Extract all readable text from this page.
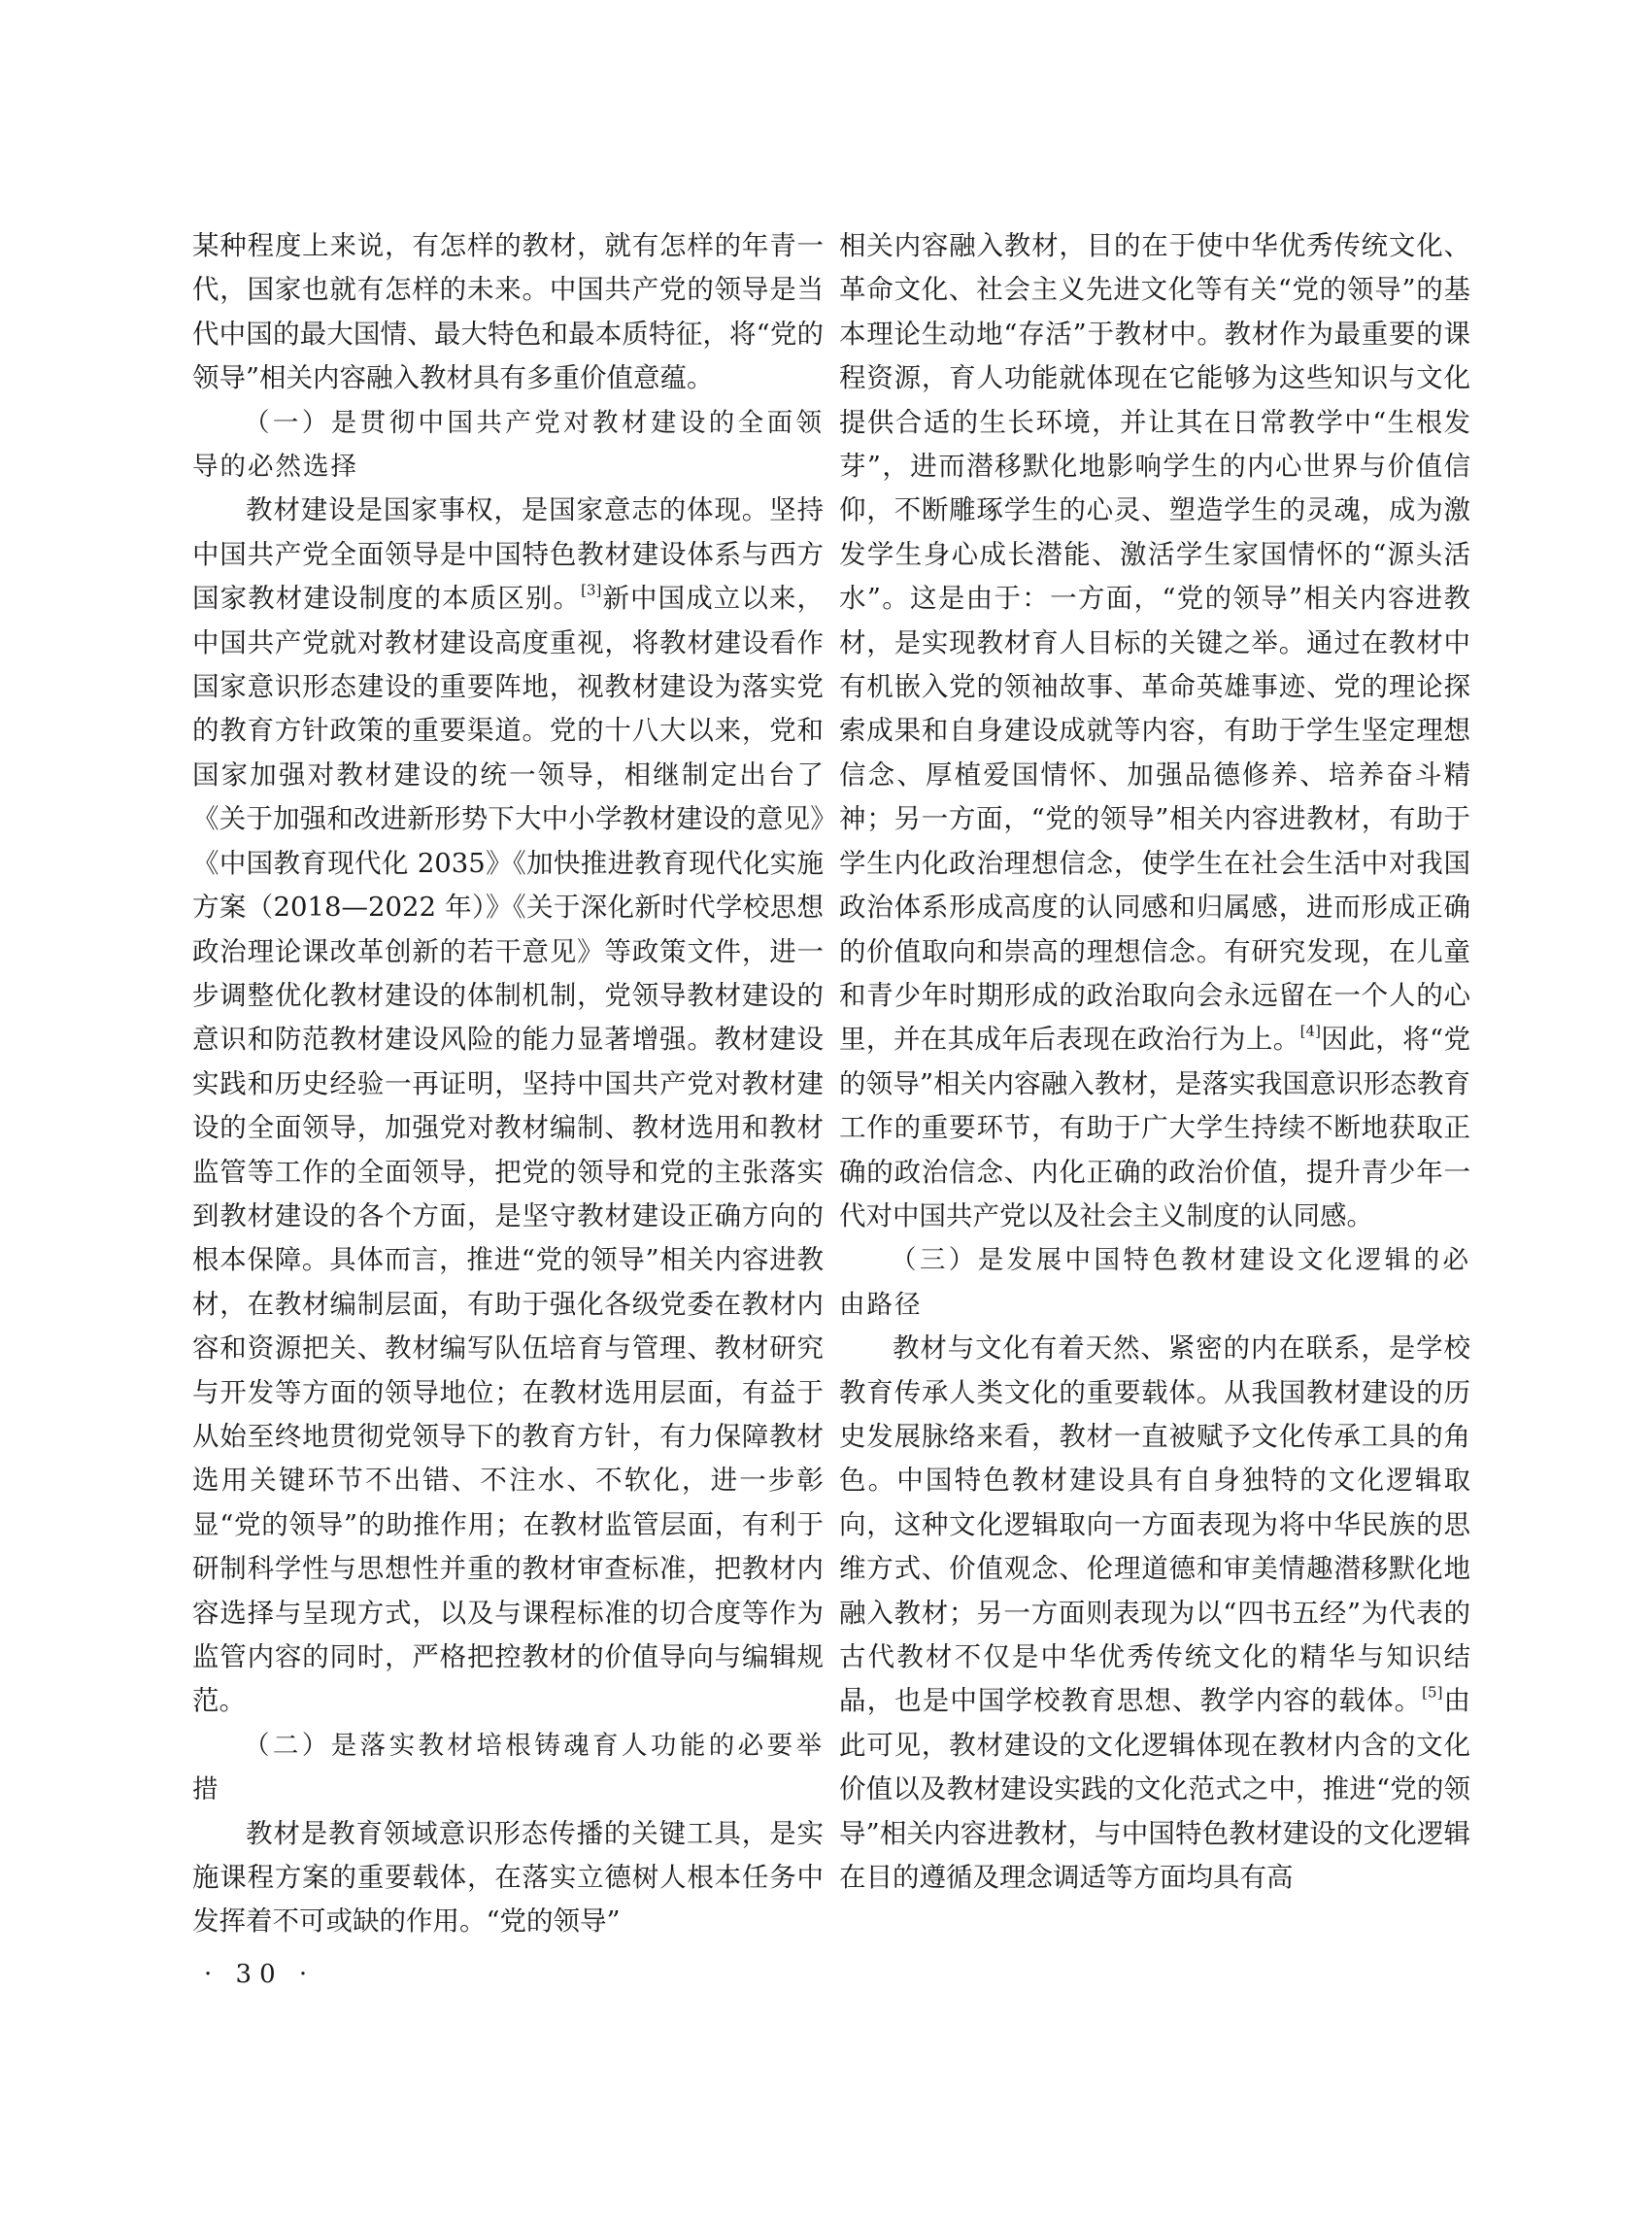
某种程度上来说，有怎样的教材，就有怎样的年青一代，国家也就有怎样的未来。中国共产党的领导是当代中国的最大国情、最大特色和最本质特征，将“党的领导”相关内容融入教材具有多重价值意蕴。

（一）是贯彻中国共产党对教材建设的全面领导的必然选择

教材建设是国家事权，是国家意志的体现。坚持中国共产党全面领导是中国特色教材建设体系与西方国家教材建设制度的本质区别。[3]新中国成立以来，中国共产党就对教材建设高度重视，将教材建设看作国家意识形态建设的重要阵地，视教材建设为落实党的教育方针政策的重要渠道。党的十八大以来，党和国家加强对教材建设的统一领导，相继制定出台了《关于加强和改进新形势下大中小学教材建设的意见》《中国教育现代化 2035》《加快推进教育现代化实施方案（2018—2022 年）》《关于深化新时代学校思想政治理论课改革创新的若干意见》等政策文件，进一步调整优化教材建设的体制机制，党领导教材建设的意识和防范教材建设风险的能力显著增强。教材建设实践和历史经验一再证明，坚持中国共产党对教材建设的全面领导，加强党对教材编制、教材选用和教材监管等工作的全面领导，把党的领导和党的主张落实到教材建设的各个方面，是坚守教材建设正确方向的根本保障。具体而言，推进“党的领导”相关内容进教材，在教材编制层面，有助于强化各级党委在教材内容和资源把关、教材编写队伍培育与管理、教材研究与开发等方面的领导地位；在教材选用层面，有益于从始至终地贯彻党领导下的教育方针，有力保障教材选用关键环节不出错、不注水、不软化，进一步彰显“党的领导”的助推作用；在教材监管层面，有利于研制科学性与思想性并重的教材审查标准，把教材内容选择与呈现方式，以及与课程标准的切合度等作为监管内容的同时，严格把控教材的价值导向与编辑规范。

（二）是落实教材培根铸魂育人功能的必要举措

教材是教育领域意识形态传播的关键工具，是实施课程方案的重要载体，在落实立德树人根本任务中发挥着不可或缺的作用。“党的领导”

相关内容融入教材，目的在于使中华优秀传统文化、革命文化、社会主义先进文化等有关“党的领导”的基本理论生动地“存活”于教材中。教材作为最重要的课程资源，育人功能就体现在它能够为这些知识与文化提供合适的生长环境，并让其在日常教学中“生根发芽”，进而潜移默化地影响学生的内心世界与价值信仰，不断雕琢学生的心灵、塑造学生的灵魂，成为激发学生身心成长潜能、激活学生家国情怀的“源头活水”。这是由于：一方面，“党的领导”相关内容进教材，是实现教材育人目标的关键之举。通过在教材中有机嵌入党的领袖故事、革命英雄事迹、党的理论探索成果和自身建设成就等内容，有助于学生坚定理想信念、厚植爱国情怀、加强品德修养、培养奋斗精神；另一方面，“党的领导”相关内容进教材，有助于学生内化政治理想信念，使学生在社会生活中对我国政治体系形成高度的认同感和归属感，进而形成正确的价值取向和崇高的理想信念。有研究发现，在儿童和青少年时期形成的政治取向会永远留在一个人的心里，并在其成年后表现在政治行为上。[4]因此，将“党的领导”相关内容融入教材，是落实我国意识形态教育工作的重要环节，有助于广大学生持续不断地获取正确的政治信念、内化正确的政治价值，提升青少年一代对中国共产党以及社会主义制度的认同感。

（三）是发展中国特色教材建设文化逻辑的必由路径

教材与文化有着天然、紧密的内在联系，是学校教育传承人类文化的重要载体。从我国教材建设的历史发展脉络来看，教材一直被赋予文化传承工具的角色。中国特色教材建设具有自身独特的文化逻辑取向，这种文化逻辑取向一方面表现为将中华民族的思维方式、价值观念、伦理道德和审美情趣潜移默化地融入教材；另一方面则表现为以“四书五经”为代表的古代教材不仅是中华优秀传统文化的精华与知识结晶，也是中国学校教育思想、教学内容的载体。[5]由此可见，教材建设的文化逻辑体现在教材内含的文化价值以及教材建设实践的文化范式之中，推进“党的领导”相关内容进教材，与中国特色教材建设的文化逻辑在目的遵循及理念调适等方面均具有高

· 30 ·
